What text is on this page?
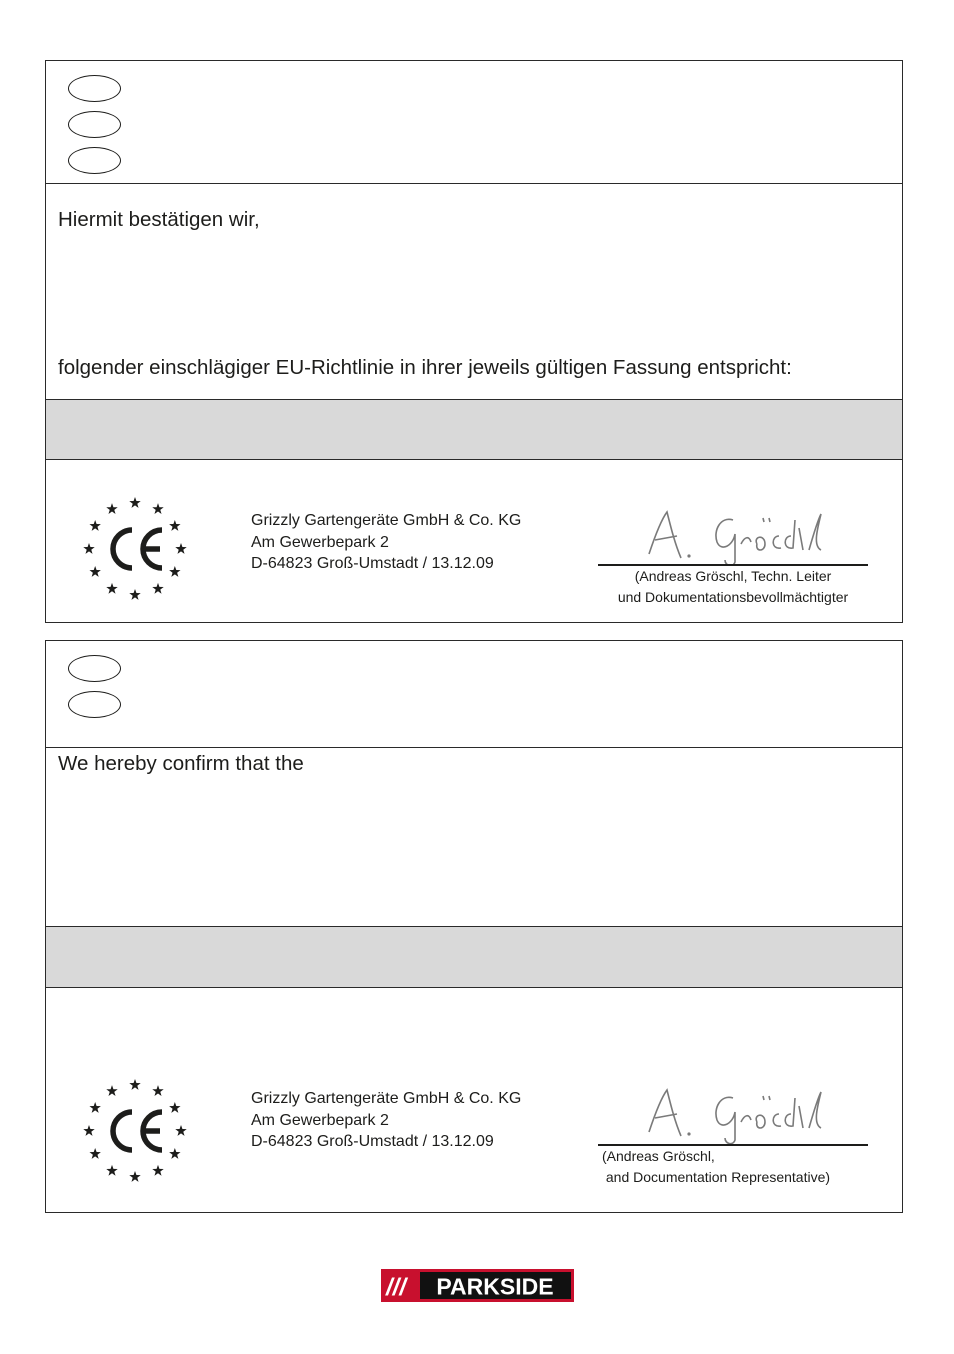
Hiermit bestätigen wir,
folgender einschlägiger EU-Richtlinie in ihrer jeweils gültigen Fassung entspricht:
Grizzly Gartengeräte GmbH & Co. KG
Am Gewerbepark 2
D-64823 Groß-Umstadt / 13.12.09
(Andreas Gröschl, Techn. Leiter
und Dokumentationsbevollmächtigter
We hereby confirm that the
Grizzly Gartengeräte GmbH & Co. KG
Am Gewerbepark 2
D-64823 Groß-Umstadt / 13.12.09
(Andreas Gröschl,
and Documentation Representative)
/// PARKSIDE
